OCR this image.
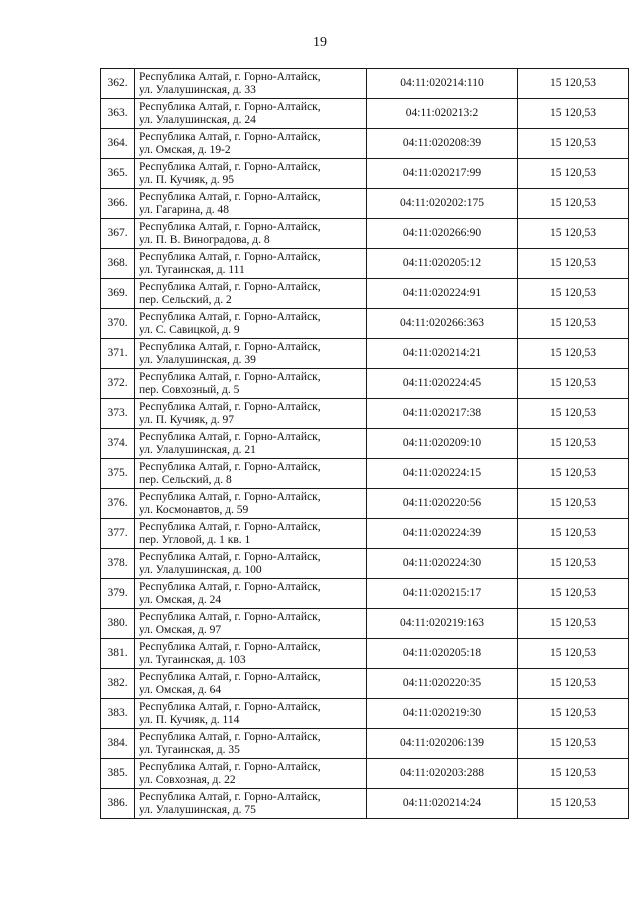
19
362.	Республика Алтай, г. Горно-Алтайск,
ул. Улалушинская, д. 33	04:11:020214:110	15 120,53
363.	Республика Алтай, г. Горно-Алтайск,
ул. Улалушинская, д. 24	04:11:020213:2	15 120,53
364.	Республика Алтай, г. Горно-Алтайск,
ул. Омская, д. 19-2	04:11:020208:39	15 120,53
365.	Республика Алтай, г. Горно-Алтайск,
ул. П. Кучияк, д. 95	04:11:020217:99	15 120,53
366.	Республика Алтай, г. Горно-Алтайск,
ул. Гагарина, д. 48	04:11:020202:175	15 120,53
367.	Республика Алтай, г. Горно-Алтайск,
ул. П. В. Виноградова, д. 8	04:11:020266:90	15 120,53
368.	Республика Алтай, г. Горно-Алтайск,
ул. Тугаинская, д. 111	04:11:020205:12	15 120,53
369.	Республика Алтай, г. Горно-Алтайск,
пер. Сельский, д. 2	04:11:020224:91	15 120,53
370.	Республика Алтай, г. Горно-Алтайск,
ул. С. Савицкой, д. 9	04:11:020266:363	15 120,53
371.	Республика Алтай, г. Горно-Алтайск,
ул. Улалушинская, д. 39	04:11:020214:21	15 120,53
372.	Республика Алтай, г. Горно-Алтайск,
пер. Совхозный, д. 5	04:11:020224:45	15 120,53
373.	Республика Алтай, г. Горно-Алтайск,
ул. П. Кучияк, д. 97	04:11:020217:38	15 120,53
374.	Республика Алтай, г. Горно-Алтайск,
ул. Улалушинская, д. 21	04:11:020209:10	15 120,53
375.	Республика Алтай, г. Горно-Алтайск,
пер. Сельский, д. 8	04:11:020224:15	15 120,53
376.	Республика Алтай, г. Горно-Алтайск,
ул. Космонавтов, д. 59	04:11:020220:56	15 120,53
377.	Республика Алтай, г. Горно-Алтайск,
пер. Угловой, д. 1 кв. 1	04:11:020224:39	15 120,53
378.	Республика Алтай, г. Горно-Алтайск,
ул. Улалушинская, д. 100	04:11:020224:30	15 120,53
379.	Республика Алтай, г. Горно-Алтайск,
ул. Омская, д. 24	04:11:020215:17	15 120,53
380.	Республика Алтай, г. Горно-Алтайск,
ул. Омская, д. 97	04:11:020219:163	15 120,53
381.	Республика Алтай, г. Горно-Алтайск,
ул. Тугаинская, д. 103	04:11:020205:18	15 120,53
382.	Республика Алтай, г. Горно-Алтайск,
ул. Омская, д. 64	04:11:020220:35	15 120,53
383.	Республика Алтай, г. Горно-Алтайск,
ул. П. Кучияк, д. 114	04:11:020219:30	15 120,53
384.	Республика Алтай, г. Горно-Алтайск,
ул. Тугаинская, д. 35	04:11:020206:139	15 120,53
385.	Республика Алтай, г. Горно-Алтайск,
ул. Совхозная, д. 22	04:11:020203:288	15 120,53
386.	Республика Алтай, г. Горно-Алтайск,
ул. Улалушинская, д. 75	04:11:020214:24	15 120,53
